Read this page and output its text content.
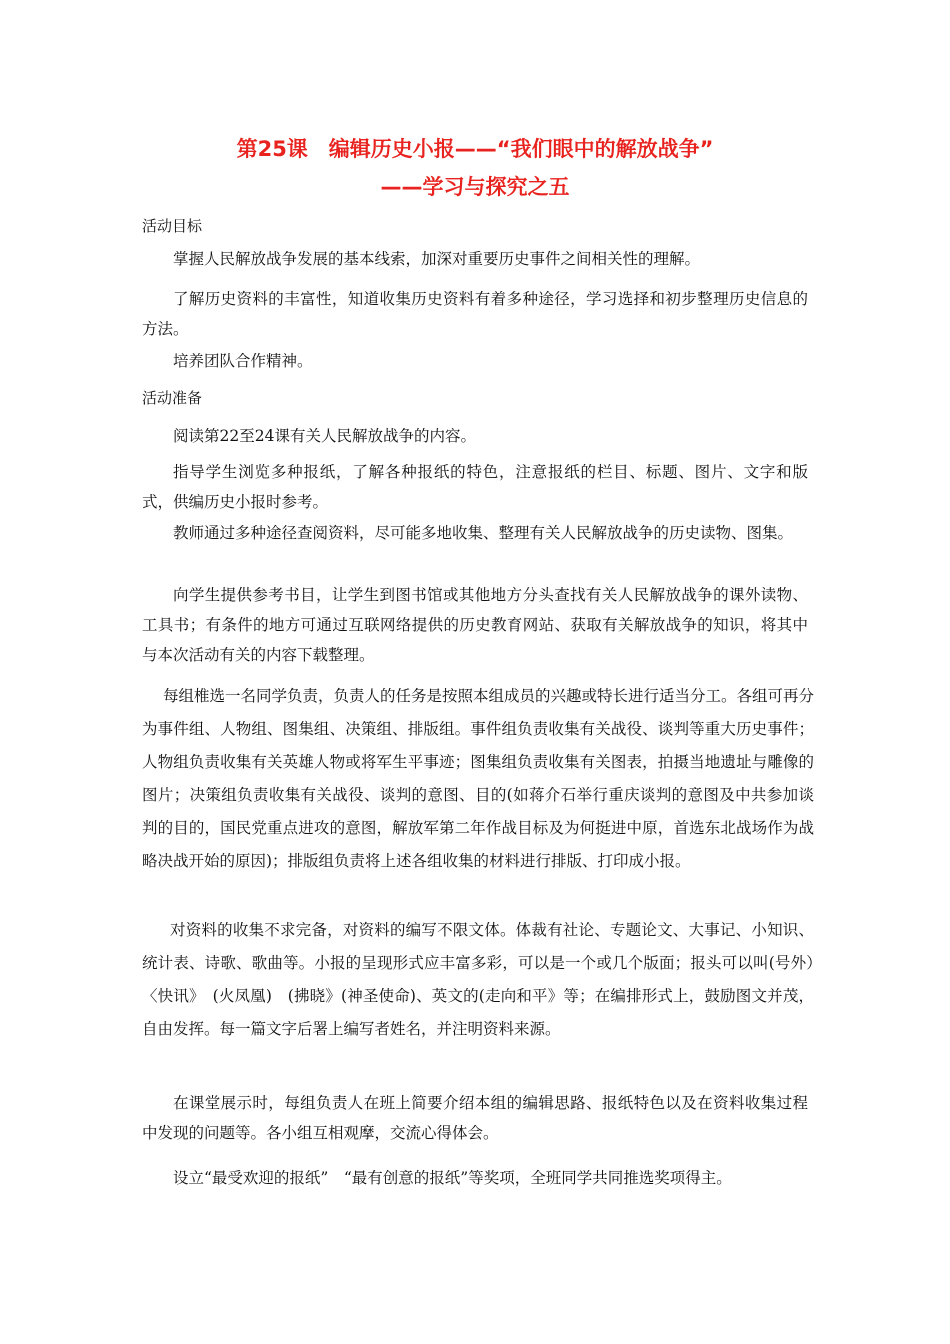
第25课　编辑历史小报——“我们眼中的解放战争”
——学习与探究之五
活动目标
掌握人民解放战争发展的基本线索，加深对重要历史事件之间相关性的理解。
了解历史资料的丰富性，知道收集历史资料有着多种途径，学习选择和初步整理历史信息的方法。
培养团队合作精神。
活动准备
阅读第22至24课有关人民解放战争的内容。
指导学生浏览多种报纸，了解各种报纸的特色，注意报纸的栏目、标题、图片、文字和版式，供编历史小报时参考。
教师通过多种途径查阅资料，尽可能多地收集、整理有关人民解放战争的历史读物、图集。
向学生提供参考书目，让学生到图书馆或其他地方分头查找有关人民解放战争的课外读物、工具书；有条件的地方可通过互联网络提供的历史教育网站、获取有关解放战争的知识，将其中与本次活动有关的内容下载整理。
每组椎选一名同学负责，负责人的任务是按照本组成员的兴趣或特长进行适当分工。各组可再分为事件组、人物组、图集组、决策组、排版组。事件组负责收集有关战役、谈判等重大历史事件；人物组负责收集有关英雄人物或将军生平事迹；图集组负责收集有关图表，拍摄当地遗址与雕像的图片；决策组负责收集有关战役、谈判的意图、目的(如蒋介石举行重庆谈判的意图及中共参加谈判的目的，国民党重点进攻的意图，解放军第二年作战目标及为何挺进中原，首选东北战场作为战略决战开始的原因)；排版组负责将上述各组收集的材料进行排版、打印成小报。
对资料的收集不求完备，对资料的编写不限文体。体裁有社论、专题论文、大事记、小知识、统计表、诗歌、歌曲等。小报的呈现形式应丰富多彩，可以是一个或几个版面；报头可以叫(号外）〈快讯》　(火凤凰)　(拂晓》(神圣使命)、英文的(走向和平》等；在编排形式上，鼓励图文并茂，自由发挥。每一篇文字后署上编写者姓名，并注明资料来源。
在课堂展示时，每组负责人在班上简要介绍本组的编辑思路、报纸特色以及在资料收集过程中发现的问题等。各小组互相观摩，交流心得体会。
设立“最受欢迎的报纸”　“最有创意的报纸”等奖项，全班同学共同推选奖项得主。
